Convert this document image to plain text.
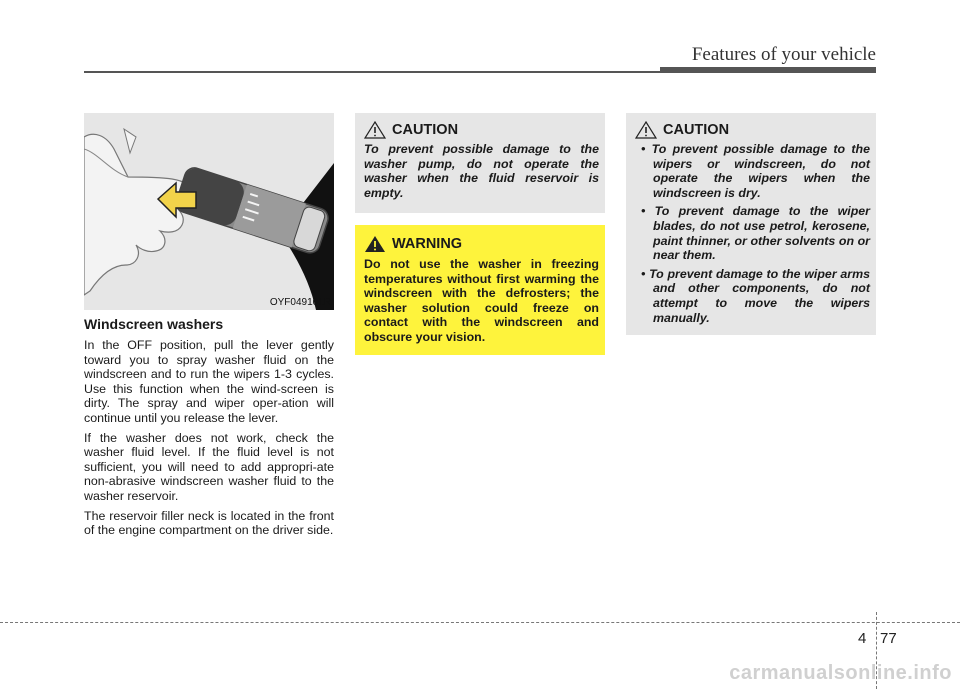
Features of your vehicle
OYF049101R
Windscreen washers

In the OFF position, pull the lever gently toward you to spray washer fluid on the windscreen and to run the wipers 1-3 cycles. Use this function when the wind-screen is dirty. The spray and wiper oper-ation will continue until you release the lever.

If the washer does not work, check the washer fluid level. If the fluid level is not sufficient, you will need to add appropri-ate non-abrasive windscreen washer fluid to the washer reservoir.

The reservoir filler neck is located in the front of the engine compartment on the driver side.

CAUTION

To prevent possible damage to the washer pump, do not operate the washer when the fluid reservoir is empty.

WARNING

Do not use the washer in freezing temperatures without first warming the windscreen with the defrosters; the washer solution could freeze on contact with the windscreen and obscure your vision.

CAUTION
• To prevent possible damage to the wipers or windscreen, do not operate the wipers when the windscreen is dry.
• To prevent damage to the wiper blades, do not use petrol, kerosene, paint thinner, or other solvents on or near them.
• To prevent damage to the wiper arms and other components, do not attempt to move the wipers manually.
4 77
carmanualsonline.info
